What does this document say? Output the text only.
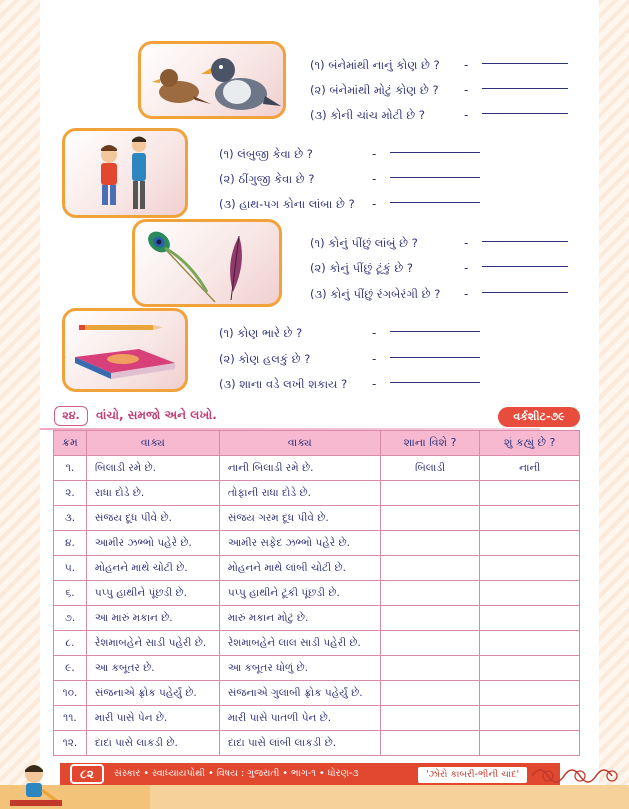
(૧) બંનેમાંથી નાનું કોણ છે ? -
(૨) બંનેમાંથી મોટું કોણ છે ? -
(૩) કોની ચાંચ મોટી છે ?	-
(૧) લંબુજી કેવા છે ?	-
(૨) ઠીંગુજી કેવા છે ?	-
(૩) હાથ-પગ કોના લાંબા છે ? -
(૧) કોનું પીંછું લાંબું છે ?	-
(૨) કોનું પીંછું ટૂંકું છે ?	-
(૩) કોનું પીંછું રંગબેરંગી છે ? -
(૧) કોણ ભારે છે ?	-
(૨) કોણ હલકું છે ?	-
(૩) શાના વડે લખી શકાય ? -
૨૪.	વાંચો, સમજો અને લખો.	વર્કશીટ-૭૯
ક્રમ	વાક્ય	વાક્ય	શાના વિશે ?	શું કહ્યું છે ?
૧.	બિલાડી રમે છે.	નાની બિલાડી રમે છે.	બિલાડી	નાની
૨.	રાધા દોડે છે.	તોફાની રાધા દોડે છે.		
૩.	સંજય દૂધ પીવે છે.	સંજય ગરમ દૂધ પીવે છે.		
૪.	આમીર ઝભ્ભો પહેરે છે.	આમીર સફેદ ઝભ્ભો પહેરે છે.		
૫.	મોહનને માથે ચોટી છે.	મોહનને માથે લાંબી ચોટી છે.		
૬.	પપ્પુ હાથીને પૂંછડી છે.	પપ્પુ હાથીને ટૂંકી પૂંછડી છે.		
૭.	આ મારું મકાન છે.	મારું મકાન મોટું છે.		
૮.	રેશમાબહેને સાડી પહેરી છે.	રેશમાબહેને લાલ સાડી પહેરી છે.		
૯.	આ કબૂતર છે.	આ કબૂતર ધોળું છે.		
૧૦.	સંજનાએ ફ્રોક પહેર્યું છે.	સંજનાએ ગુલાબી ફ્રોક પહેર્યું છે.		
૧૧.	મારી પાસે પેન છે.	મારી પાસે પાતળી પેન છે.		
૧૨.	દાદા પાસે લાકડી છે.	દાદા પાસે લાંબી લાકડી છે.		
સંસ્કાર • સ્વાધ્યાયપોથી • વિષય : ગુજરાતી • ભાગ-૧ • ધોરણ-૩
૮૨	'ઝોરો કાબરી-ભીની ચાંદ'
